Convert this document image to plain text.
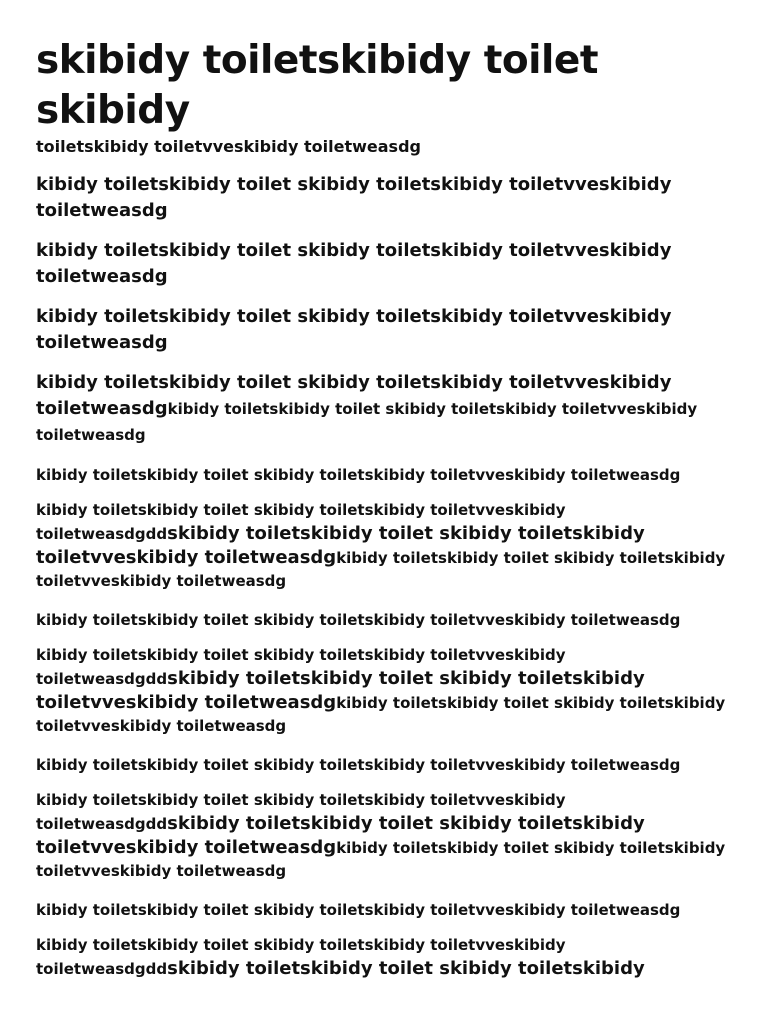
skibidy toiletskibidy toilet skibidy

toiletskibidy toiletvveskibidy toiletweasdg

kibidy toiletskibidy toilet skibidy toiletskibidy toiletvveskibidy toiletweasdg

kibidy toiletskibidy toilet skibidy toiletskibidy toiletvveskibidy toiletweasdg

kibidy toiletskibidy toilet skibidy toiletskibidy toiletvveskibidy toiletweasdg

kibidy toiletskibidy toilet skibidy toiletskibidy toiletvveskibidy toiletweasdgkibidy toiletskibidy toilet skibidy toiletskibidy toiletvveskibidy toiletweasdg

kibidy toiletskibidy toilet skibidy toiletskibidy toiletvveskibidy toiletweasdg

kibidy toiletskibidy toilet skibidy toiletskibidy toiletvveskibidy toiletweasdgddskibidy toiletskibidy toilet skibidy toiletskibidy toiletvveskibidy toiletweasdgkibidy toiletskibidy toilet skibidy toiletskibidy toiletvveskibidy toiletweasdg

kibidy toiletskibidy toilet skibidy toiletskibidy toiletvveskibidy toiletweasdg

kibidy toiletskibidy toilet skibidy toiletskibidy toiletvveskibidy toiletweasdgddskibidy toiletskibidy toilet skibidy toiletskibidy toiletvveskibidy toiletweasdgkibidy toiletskibidy toilet skibidy toiletskibidy toiletvveskibidy toiletweasdg

kibidy toiletskibidy toilet skibidy toiletskibidy toiletvveskibidy toiletweasdg

kibidy toiletskibidy toilet skibidy toiletskibidy toiletvveskibidy toiletweasdgddskibidy toiletskibidy toilet skibidy toiletskibidy toiletvveskibidy toiletweasdgkibidy toiletskibidy toilet skibidy toiletskibidy toiletvveskibidy toiletweasdg

kibidy toiletskibidy toilet skibidy toiletskibidy toiletvveskibidy toiletweasdg

kibidy toiletskibidy toilet skibidy toiletskibidy toiletvveskibidy toiletweasdgddskibidy toiletskibidy toilet skibidy toiletskibidy
